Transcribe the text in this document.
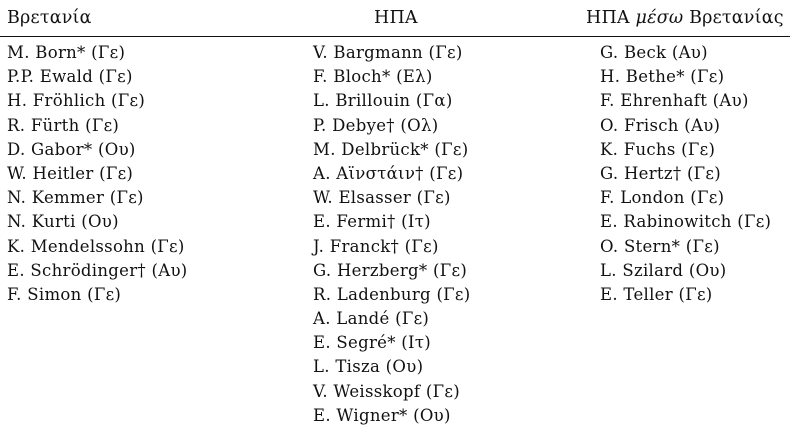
Βρετανία
M. Born* (Γε)
P.P. Ewald (Γε)
H. Fröhlich (Γε)
R. Fürth (Γε)
D. Gabor* (Ου)
W. Heitler (Γε)
N. Kemmer (Γε)
N. Kurti (Ου)
K. Mendelssohn (Γε)
E. Schrödinger† (Αυ)
F. Simon (Γε)
ΗΠΑ
V. Bargmann (Γε)
F. Bloch* (Ελ)
L. Brillouin (Γα)
P. Debye† (Ολ)
M. Delbrück* (Γε)
A. Αϊνστάιν† (Γε)
W. Elsasser (Γε)
E. Fermi† (Ιτ)
J. Franck† (Γε)
G. Herzberg* (Γε)
R. Ladenburg (Γε)
A. Landé (Γε)
E. Segré* (Ιτ)
L. Tisza (Ου)
V. Weisskopf (Γε)
E. Wigner* (Ου)
ΗΠΑ μέσω Βρετανίας
G. Beck (Αυ)
H. Bethe* (Γε)
F. Ehrenhaft (Αυ)
O. Frisch (Αυ)
K. Fuchs (Γε)
G. Hertz† (Γε)
F. London (Γε)
E. Rabinowitch (Γε)
O. Stern* (Γε)
L. Szilard (Ου)
E. Teller (Γε)
